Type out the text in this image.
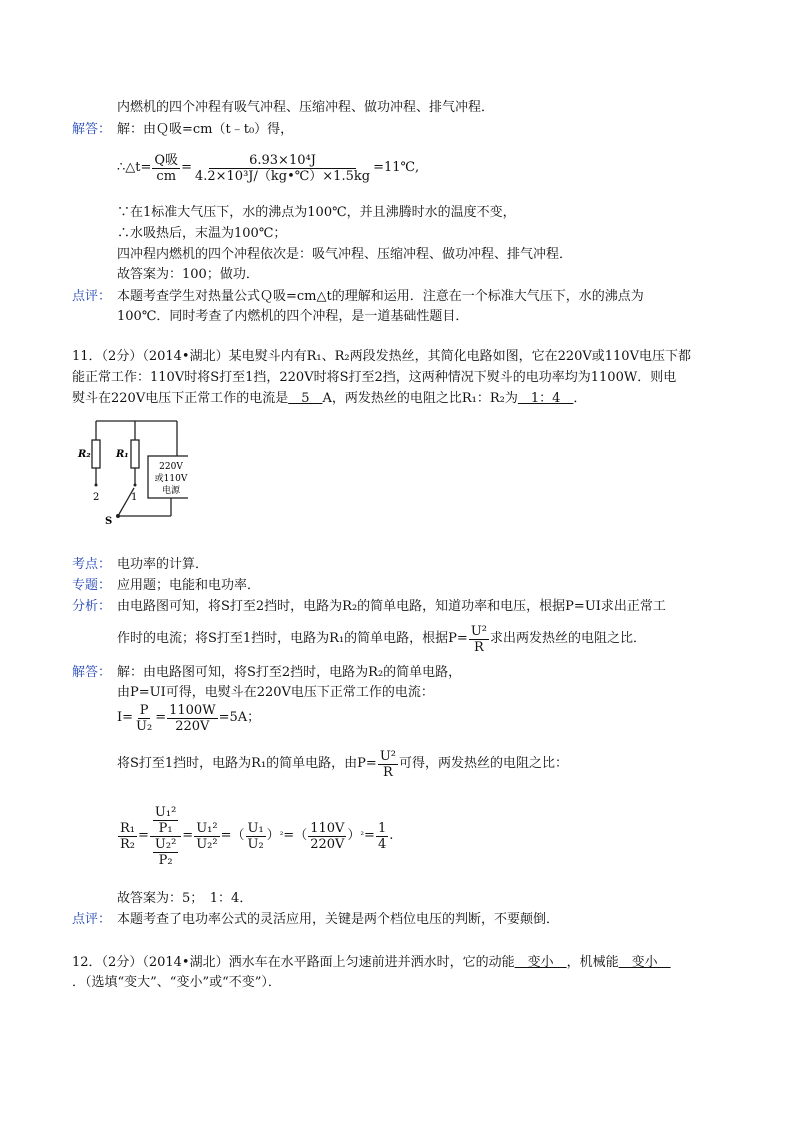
内燃机的四个冲程有吸气冲程、压缩冲程、做功冲程、排气冲程．
解答： 解：由Ｑ吸=cm（t﹣t₀）得，
∴△t= Q吸
cm
= $\frac{\text{6.93×10⁴J}}{\text{4.2×10³J/（kg•℃）×1.5kg}}$ =11℃,
∵在1标准大气压下，水的沸点为100℃，并且沸腾时水的温度不变，
∴水吸热后，末温为100℃；
四冲程内燃机的四个冲程依次是：吸气冲程、压缩冲程、做功冲程、排气冲程．
故答案为：100；做功．
点评： 本题考查学生对热量公式Ｑ吸=cm△t的理解和运用．注意在一个标准大气压下，水的沸点为
100℃．同时考查了内燃机的四个冲程，是一道基础性题目．
11．（2分）（2014•湖北）某电熨斗内有R₁、R₂两段发热丝，其简化电路如图，它在220V或110V电压下都
能正常工作：110V时将S打至1挡，220V时将S打至2挡，这两种情况下熨斗的电功率均为1100W．则电
熨斗在220V电压下正常工作的电流是　5　A，两发热丝的电阻之比R₁：R₂为　1：4　．
R₂	R₁
220V
或110V
电源
2	1
S
考点： 电功率的计算．
专题： 应用题；电能和电功率．
分析： 由电路图可知，将S打至2挡时，电路为R₂的简单电路，知道功率和电压，根据P=UI求出正常工
作时的电流；将S打至1挡时，电路为R₁的简单电路，根据$P= \frac{\text{U²}}{R}$ 求出两发热丝的电阻之比．
解答： 解：由电路图可知，将S打至2挡时，电路为R₂的简单电路，
由P=UI可得，电熨斗在220V电压下正常工作的电流：
$I= \frac{P}{\text{U₂}} = \frac{1100W}{220V} =5A$；
将S打至1挡时，电路为R₁的简单电路，由$P= \frac{\text{U²}}{R}$ 可得，两发热丝的电阻之比：
$\frac{\text{R₁}}{\text{R₂}} = \frac{\frac{\text{U₁²}}{\text{P₁}}}{\frac{\text{U₂²}}{\text{P₂}}} = \frac{\text{U₁²}}{\text{U₂²}}$ =（ U₁
U₂
） ² =（ 110V
220V
） $^2 = \frac{1}{4}$ .
故答案为：5；　1：4．
点评： 本题考查了电功率公式的灵活应用，关键是两个档位电压的判断，不要颠倒．
12．（2分）（2014•湖北）洒水车在水平路面上匀速前进并洒水时，它的动能　变小　，机械能　变小　
．（选填“变大”、“变小”或“不变”）．
